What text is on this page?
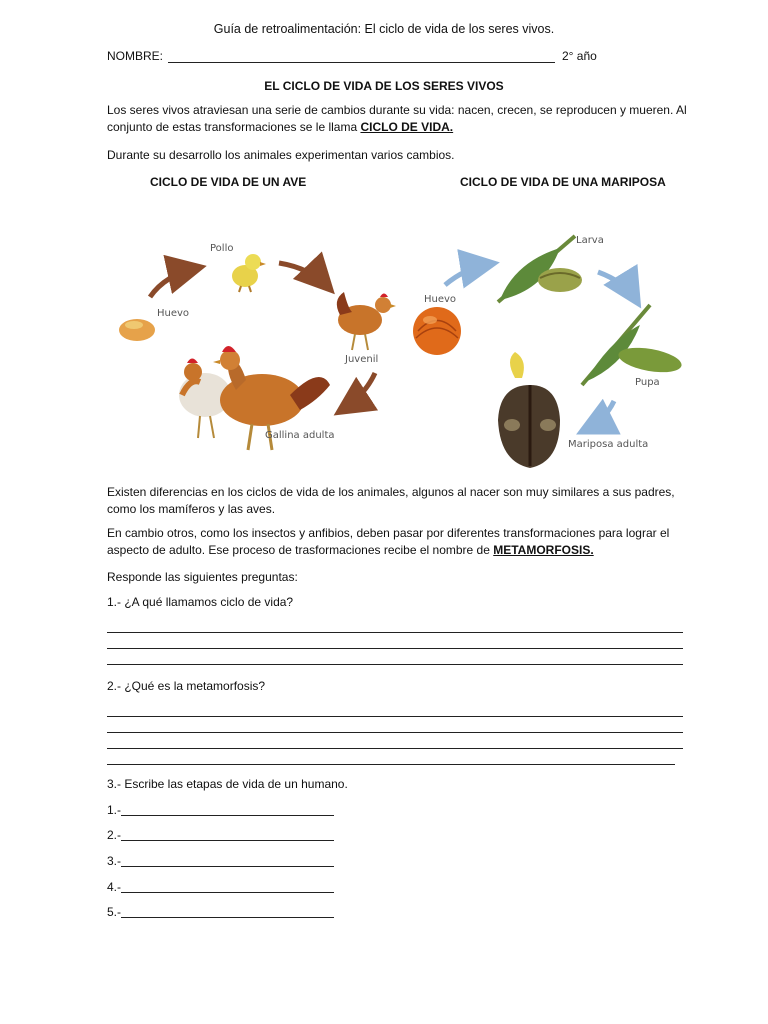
Guía de retroalimentación: El ciclo de vida de los seres vivos.
NOMBRE:	2° año
EL CICLO DE VIDA DE LOS SERES VIVOS
Los seres vivos atraviesan una serie de cambios durante su vida: nacen, crecen, se reproducen y mueren. Al conjunto de estas transformaciones se le llama CICLO DE VIDA.
Durante su desarrollo los animales experimentan varios cambios.
CICLO DE VIDA DE UN AVE	CICLO DE VIDA DE UNA MARIPOSA
Pollo
Huevo
Juvenil
Gallina adulta
Huevo
Larva
Pupa
Mariposa adulta
Existen diferencias en los ciclos de vida de los animales, algunos al nacer son muy similares a sus padres, como los mamíferos y las aves.
En cambio otros, como los insectos y anfibios, deben pasar por diferentes transformaciones para lograr el aspecto de adulto. Ese proceso de trasformaciones recibe el nombre de METAMORFOSIS.
Responde las siguientes preguntas:
1.- ¿A qué llamamos ciclo de vida?
2.- ¿Qué es la metamorfosis?
3.- Escribe las etapas de vida de un humano.
1.-
2.-
3.-
4.-
5.-
